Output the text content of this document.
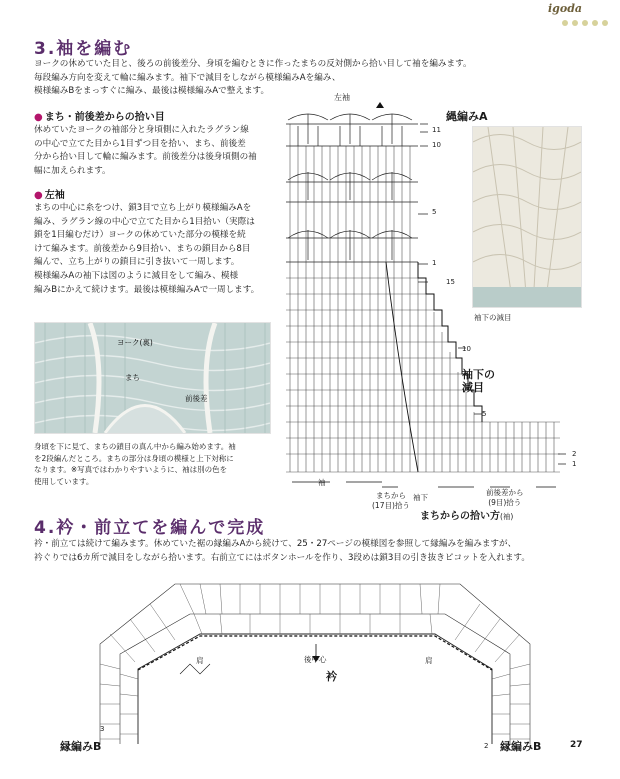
igoda
3.袖を編む
ヨークの休めていた目と、後ろの前後差分、身頃を編むときに作ったまちの反対側から拾い目して袖を編みます。
毎段編み方向を変えて輪に編みます。袖下で減目をしながら模様編みAを編み、
模様編みBをまっすぐに編み、最後は模様編みAで整えます。
● まち・前後差からの拾い目
休めていたヨークの袖部分と身頃側に入れたラグラン線
の中心で立てた目から1目ずつ目を拾い、まち、前後差
分から拾い目して輪に編みます。前後差分は後身頃側の袖
幅に加えられます。
● 左袖
まちの中心に糸をつけ、鎖3目で立ち上がり模様編みAを
編み、ラグラン線の中心で立てた目から1目拾い（実際は
鎖を1目編むだけ）ヨークの休めていた部分の模様を続
けて編みます。前後差から9目拾い、まちの鎖目から8目
編んで、立ち上がりの鎖目に引き抜いて一周します。
模様編みAの袖下は図のように減目をして編み、模様
編みBにかえて続けます。最後は模様編みAで一周します。
ヨーク(裏)
まち
前後差
身頃を下に見て、まちの鎖目の真ん中から編み始めます。袖
を2段編んだところ。まちの部分は身頃の模様と上下対称に
なります。※写真ではわかりやすいように、袖は別の色を
使用しています。
左袖
縄編みA
11
10
5
1
15
10
5
2
1
袖下の
減目
袖下の減目
袖
まちから
(17目)拾う
袖下
前後差から
(9目)拾う
まちからの拾い方(袖)
4.衿・前立てを編んで完成
衿・前立ては続けて編みます。休めていた裾の縁編みAから続けて、25・27ページの模様図を参照して縁編みを編みますが、
衿ぐりでは6カ所で減目をしながら拾います。右前立てにはボタンホールを作り、3段めは鎖3目の引き抜きピコットを入れます。
肩	肩
後中心
衿
3
2
縁編みB	縁編みB	27
